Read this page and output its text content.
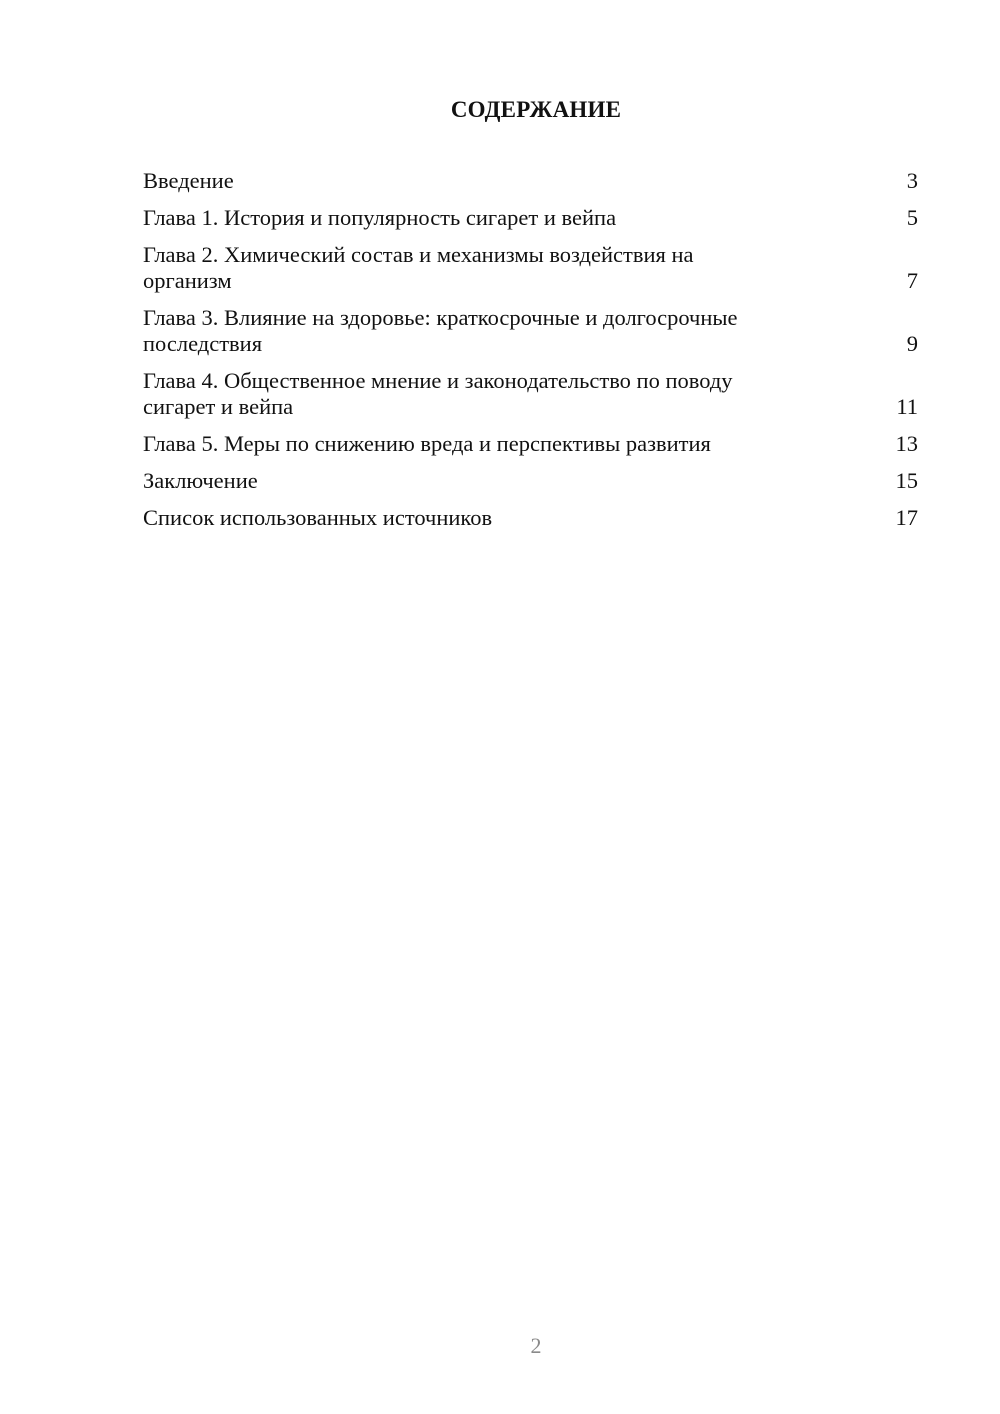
СОДЕРЖАНИЕ
Введение	3
Глава 1. История и популярность сигарет и вейпа	5
Глава 2. Химический состав и механизмы воздействия на организм	7
Глава 3. Влияние на здоровье: краткосрочные и долгосрочные последствия	9
Глава 4. Общественное мнение и законодательство по поводу сигарет и вейпа	11
Глава 5. Меры по снижению вреда и перспективы развития	13
Заключение	15
Список использованных источников	17
2
